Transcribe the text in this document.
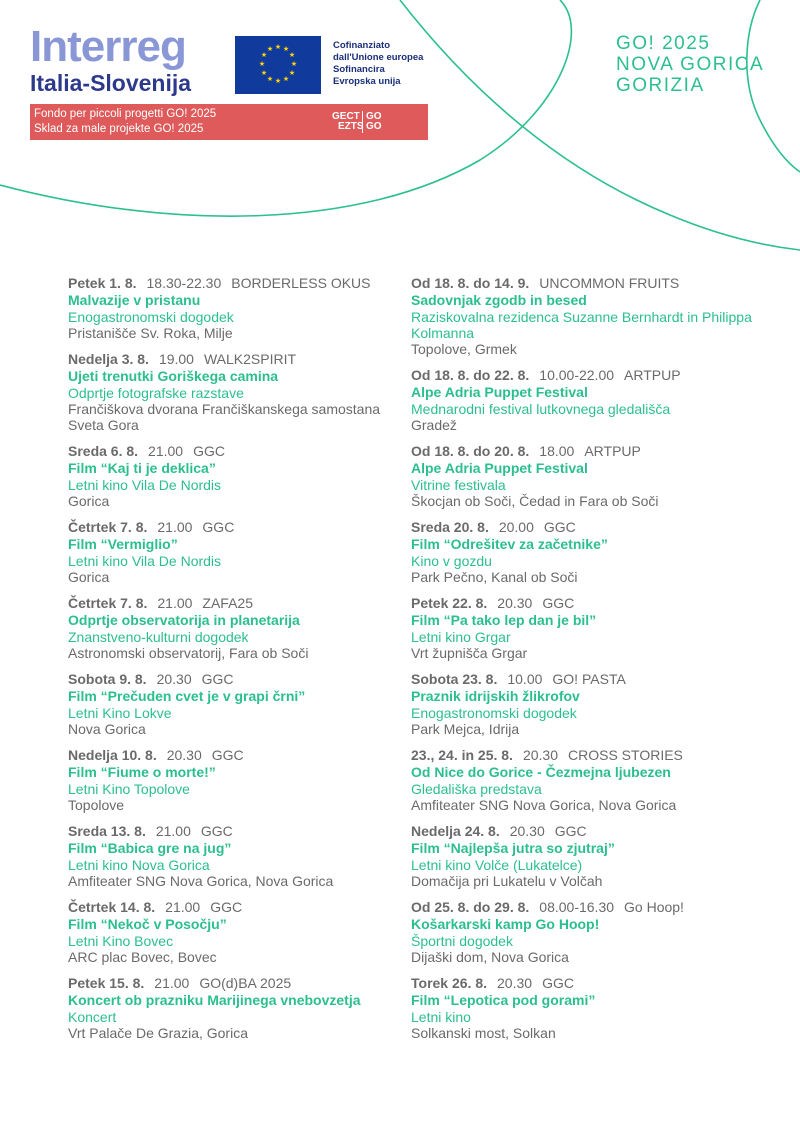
Interreg
Italia-Slovenija
★ ★
★
★
★
★
★
★
★
★
★
★	Cofinanziato
dall'Unione europea
Sofinancira
Evropska unija
Fondo per piccoli progetti GO! 2025
Sklad za male projekte GO! 2025
GECT GO
EZTS GO
GO! 2025
NOVA GORICA
GORIZIA
Petek 1. 8. 18.30-22.30 BORDERLESS OKUS
Malvazije v pristanu
Enogastronomski dogodek
Pristanišče Sv. Roka, Milje
Nedelja 3. 8. 19.00 WALK2SPIRIT
Ujeti trenutki Goriškega camina
Odprtje fotografske razstave
Frančiškova dvorana Frančiškanskega samostana Sveta Gora
Sreda 6. 8. 21.00 GGC
Film “Kaj ti je deklica”
Letni kino Vila De Nordis
Gorica
Četrtek 7. 8. 21.00 GGC
Film “Vermiglio”
Letni kino Vila De Nordis
Gorica
Četrtek 7. 8. 21.00 ZAFA25
Odprtje observatorija in planetarija
Znanstveno-kulturni dogodek
Astronomski observatorij, Fara ob Soči
Sobota 9. 8. 20.30 GGC
Film “Prečuden cvet je v grapi črni”
Letni Kino Lokve
Nova Gorica
Nedelja 10. 8. 20.30 GGC
Film “Fiume o morte!”
Letni Kino Topolove
Topolove
Sreda 13. 8. 21.00 GGC
Film “Babica gre na jug”
Letni kino Nova Gorica
Amfiteater SNG Nova Gorica, Nova Gorica
Četrtek 14. 8. 21.00 GGC
Film “Nekoč v Posočju”
Letni Kino Bovec
ARC plac Bovec, Bovec
Petek 15. 8. 21.00 GO(d)BA 2025
Koncert ob prazniku Marijinega vnebovzetja
Koncert
Vrt Palače De Grazia, Gorica
Od 18. 8. do 14. 9. UNCOMMON FRUITS
Sadovnjak zgodb in besed
Raziskovalna rezidenca Suzanne Bernhardt in Philippa Kolmanna
Topolove, Grmek
Od 18. 8. do 22. 8. 10.00-22.00 ARTPUP
Alpe Adria Puppet Festival
Mednarodni festival lutkovnega gledališča
Gradež
Od 18. 8. do 20. 8. 18.00 ARTPUP
Alpe Adria Puppet Festival
Vitrine festivala
Škocjan ob Soči, Čedad in Fara ob Soči
Sreda 20. 8. 20.00 GGC
Film “Odrešitev za začetnike”
Kino v gozdu
Park Pečno, Kanal ob Soči
Petek 22. 8. 20.30 GGC
Film “Pa tako lep dan je bil”
Letni kino Grgar
Vrt župnišča Grgar
Sobota 23. 8. 10.00 GO! PASTA
Praznik idrijskih žlikrofov
Enogastronomski dogodek
Park Mejca, Idrija
23., 24. in 25. 8. 20.30 CROSS STORIES
Od Nice do Gorice - Čezmejna ljubezen
Gledališka predstava
Amfiteater SNG Nova Gorica, Nova Gorica
Nedelja 24. 8. 20.30 GGC
Film “Najlepša jutra so zjutraj”
Letni kino Volče (Lukatelce)
Domačija pri Lukatelu v Volčah
Od 25. 8. do 29. 8. 08.00-16.30 Go Hoop!
Košarkarski kamp Go Hoop!
Športni dogodek
Dijaški dom, Nova Gorica
Torek 26. 8. 20.30 GGC
Film “Lepotica pod gorami”
Letni kino
Solkanski most, Solkan
